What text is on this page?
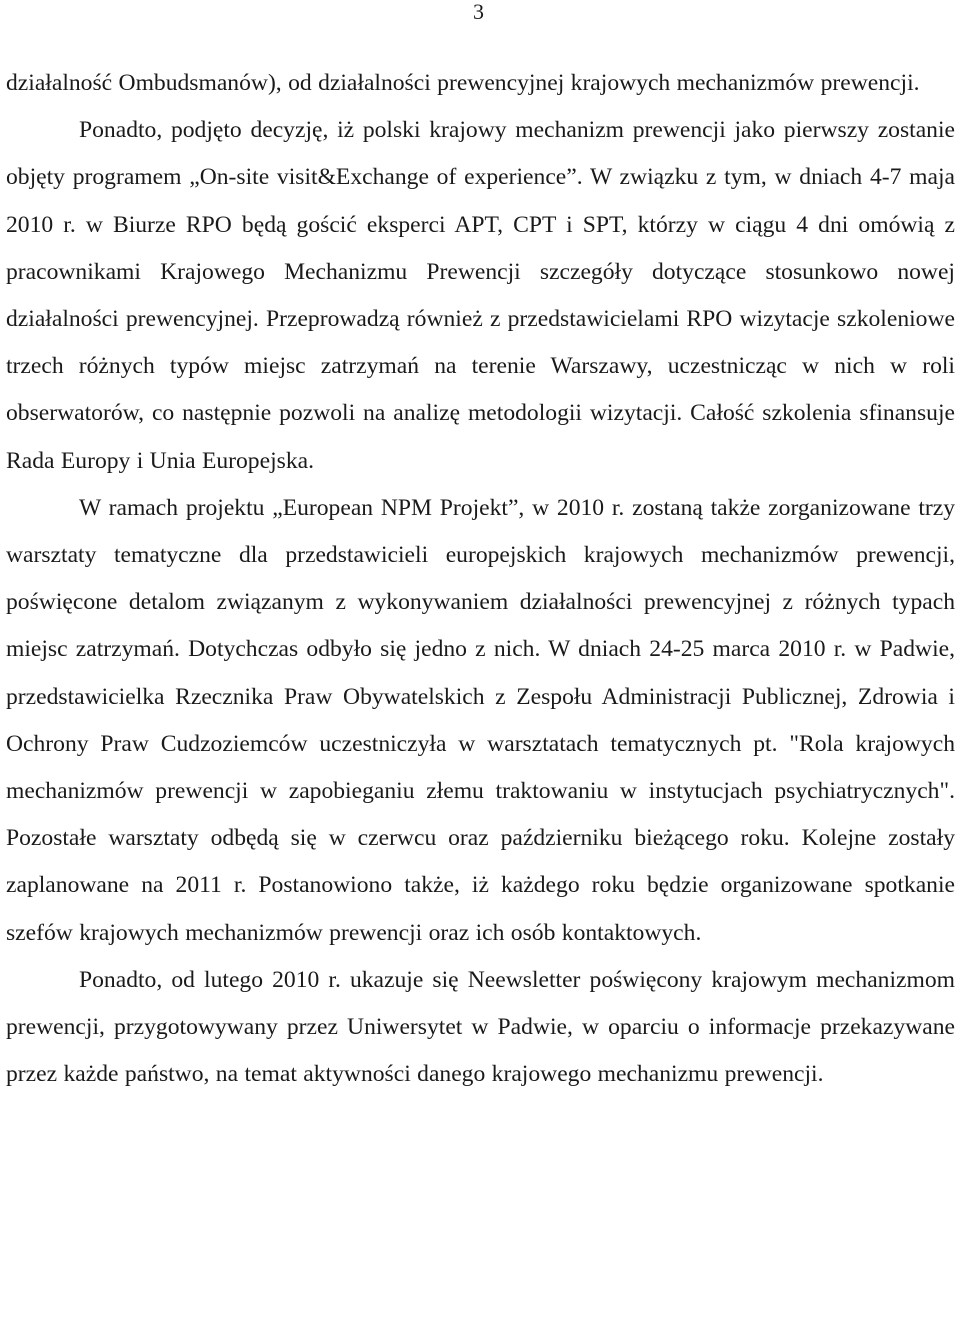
3

działalność Ombudsmanów), od działalności prewencyjnej krajowych mechanizmów prewencji.

Ponadto, podjęto decyzję, iż polski krajowy mechanizm prewencji jako pierwszy zostanie objęty programem „On-site visit&Exchange of experience”. W związku z tym, w dniach 4-7 maja 2010 r. w Biurze RPO będą gościć eksperci APT, CPT i SPT, którzy w ciągu 4 dni omówią z pracownikami Krajowego Mechanizmu Prewencji szczegóły dotyczące stosunkowo nowej działalności prewencyjnej. Przeprowadzą również z przedstawicielami RPO wizytacje szkoleniowe trzech różnych typów miejsc zatrzymań na terenie Warszawy, uczestnicząc w nich w roli obserwatorów, co następnie pozwoli na analizę metodologii wizytacji. Całość szkolenia sfinansuje Rada Europy i Unia Europejska.

W ramach projektu „European NPM Projekt”, w 2010 r. zostaną także zorganizowane trzy warsztaty tematyczne dla przedstawicieli europejskich krajowych mechanizmów prewencji, poświęcone detalom związanym z wykonywaniem działalności prewencyjnej z różnych typach miejsc zatrzymań. Dotychczas odbyło się jedno z nich. W dniach 24-25 marca 2010 r. w Padwie, przedstawicielka Rzecznika Praw Obywatelskich z Zespołu Administracji Publicznej, Zdrowia i Ochrony Praw Cudzoziemców uczestniczyła w warsztatach tematycznych pt. "Rola krajowych mechanizmów prewencji w zapobieganiu złemu traktowaniu w instytucjach psychiatrycznych". Pozostałe warsztaty odbędą się w czerwcu oraz październiku bieżącego roku. Kolejne zostały zaplanowane na 2011 r. Postanowiono także, iż każdego roku będzie organizowane spotkanie szefów krajowych mechanizmów prewencji oraz ich osób kontaktowych.

Ponadto, od lutego 2010 r. ukazuje się Neewsletter poświęcony krajowym mechanizmom prewencji, przygotowywany przez Uniwersytet w Padwie, w oparciu o informacje przekazywane przez każde państwo, na temat aktywności danego krajowego mechanizmu prewencji.
